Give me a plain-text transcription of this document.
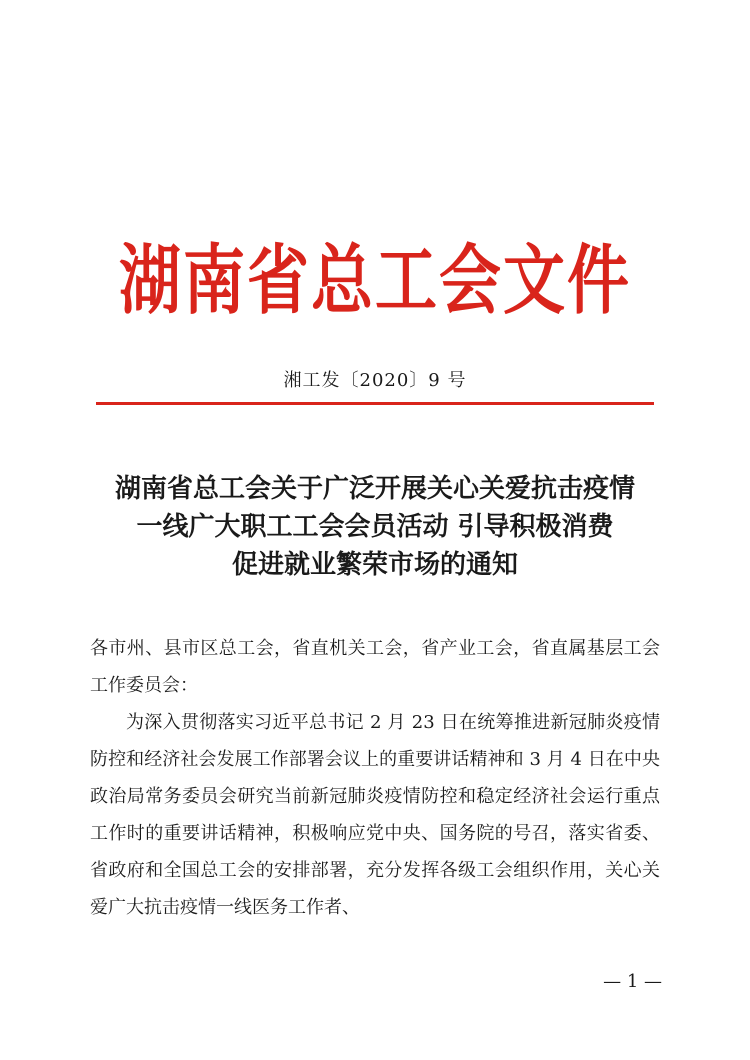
湖南省总工会文件
湘工发〔2020〕9 号
湖南省总工会关于广泛开展关心关爱抗击疫情
一线广大职工工会会员活动 引导积极消费
促进就业繁荣市场的通知

各市州、县市区总工会，省直机关工会，省产业工会，省直属基层工会工作委员会：

为深入贯彻落实习近平总书记 2 月 23 日在统筹推进新冠肺炎疫情防控和经济社会发展工作部署会议上的重要讲话精神和 3 月 4 日在中央政治局常务委员会研究当前新冠肺炎疫情防控和稳定经济社会运行重点工作时的重要讲话精神，积极响应党中央、国务院的号召，落实省委、省政府和全国总工会的安排部署，充分发挥各级工会组织作用，关心关爱广大抗击疫情一线医务工作者、

— 1 —
